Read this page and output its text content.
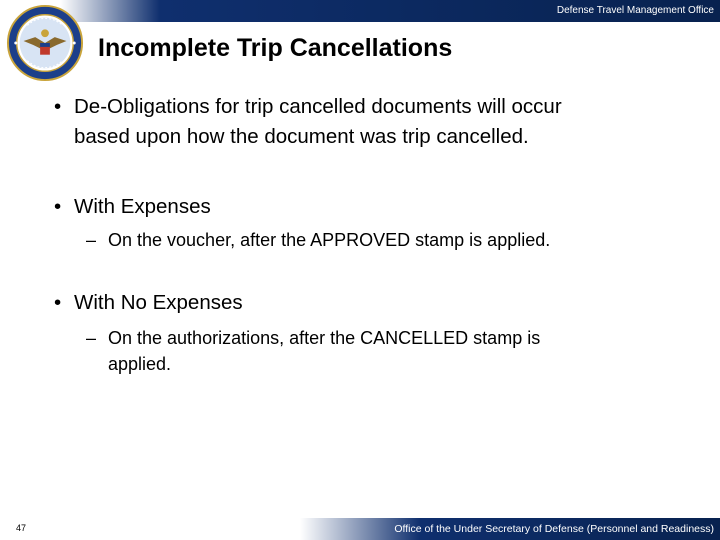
Defense Travel Management Office
Incomplete Trip Cancellations
• De-Obligations for trip cancelled documents will occur
based upon how the document was trip cancelled.
• With Expenses
– On the voucher, after the APPROVED stamp is applied.
• With No Expenses
– On the authorizations, after the CANCELLED stamp is
applied.
47	Office of the Under Secretary of Defense (Personnel and Readiness)
